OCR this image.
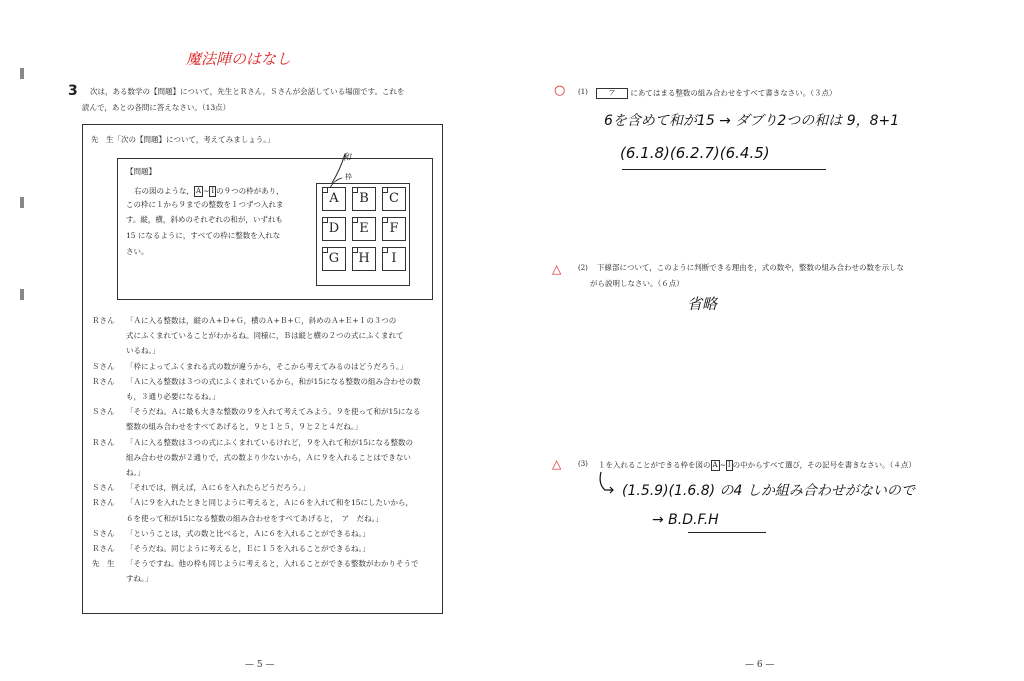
魔法陣のはなし
3 次は，ある数学の【問題】について，先生とＲさん，Ｓさんが会話している場面です。これを
読んで，あとの各問に答えなさい。（13点）
先　生「次の【問題】について，考えてみましょう。」
【問題】
右の図のような， A ~ I の９つの枠があり，
この枠に１から９までの整数を１つずつ入れま
す。縦，横，斜めのそれぞれの和が，いずれも
15 になるように，すべての枠に整数を入れな
さい。
枠
和
A	B	C
D	E	F
G	H	I
Ｒさん 「Ａに入る整数は，縦のＡ+Ｄ+Ｇ，横のＡ+Ｂ+Ｃ，斜めのＡ+Ｅ+Ｉの３つの
式にふくまれていることがわかるね。同様に，Ｂは縦と横の２つの式にふくまれて
いるね。」
Ｓさん 「枠によってふくまれる式の数が違うから，そこから考えてみるのはどうだろう。」
Ｒさん 「Ａに入る整数は３つの式にふくまれているから，和が15になる整数の組み合わせの数
も，３通り必要になるね。」
Ｓさん 「そうだね。Ａに最も大きな整数の９を入れて考えてみよう。９を使って和が15になる
整数の組み合わせをすべてあげると，９と１と５，９と２と４だね。」
Ｒさん 「Ａに入る整数は３つの式にふくまれているけれど，９を入れて和が15になる整数の
組み合わせの数が２通りで，式の数より少ないから，Ａに９を入れることはできない
ね。」
Ｓさん 「それでは，例えば，Ａに６を入れたらどうだろう。」
Ｒさん 「Ａに９を入れたときと同じように考えると，Ａに６を入れて和を15にしたいから，
６を使って和が15になる整数の組み合わせをすべてあげると，　ア　だね。」
Ｓさん 「ということは，式の数と比べると，Ａに６を入れることができるね。」
Ｒさん 「そうだね。同じように考えると，Ｅに１５を入れることができるね。」
先　生 「そうですね。他の枠も同じように考えると，入れることができる整数がわかりそうで
すね。」
— 5 —
○ (1)	ア にあてはまる整数の組み合わせをすべて書きなさい。（３点）
6を含めて和が15 → ダブり2つの和は 9，8+1
(6.1.8)(6.2.7)(6.4.5)
△ (2) 下線部について，このように判断できる理由を，式の数や，整数の組み合わせの数を示しな
がら説明しなさい。（６点）
省略
△ (3) １を入れることができる枠を図の A ~ I の中からすべて選び，その記号を書きなさい。（４点）
(1.5.9)(1.6.8) の4 しか組み合わせがないので
→ B.D.F.H
— 6 —
